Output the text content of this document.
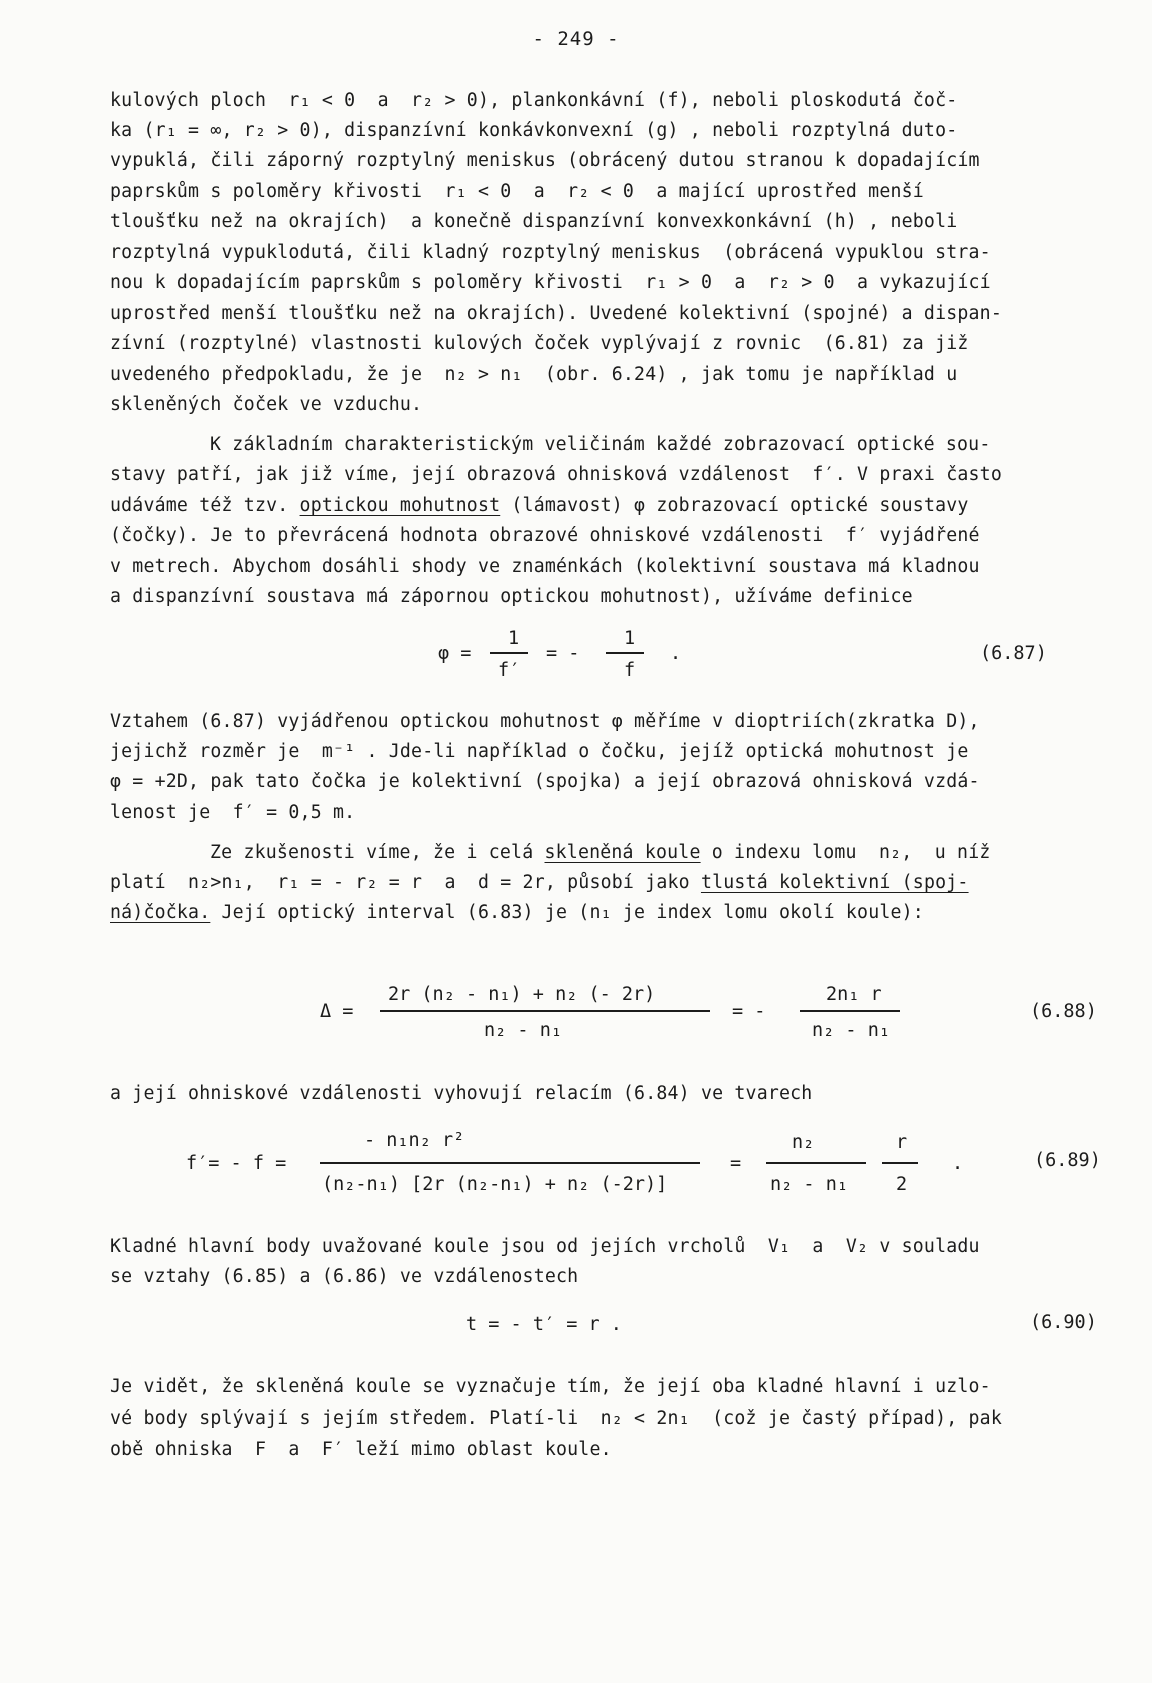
- 249 -
kulových ploch  r₁ < 0  a  r₂ > 0), plankonkávní (f), neboli ploskodutá čoč-
ka (r₁ = ∞, r₂ > 0), dispanzívní konkávkonvexní (g) , neboli rozptylná duto-
vypuklá, čili záporný rozptylný meniskus (obrácený dutou stranou k dopadajícím
paprskům s poloměry křivosti  r₁ < 0  a  r₂ < 0  a mající uprostřed menší
tloušťku než na okrajích)  a konečně dispanzívní konvexkonkávní (h) , neboli
rozptylná vypuklodutá, čili kladný rozptylný meniskus  (obrácená vypuklou stra-
nou k dopadajícím paprskům s poloměry křivosti  r₁ > 0  a  r₂ > 0  a vykazující
uprostřed menší tloušťku než na okrajích). Uvedené kolektivní (spojné) a dispan-
zívní (rozptylné) vlastnosti kulových čoček vyplývají z rovnic  (6.81) za již
uvedeného předpokladu, že je  n₂ > n₁  (obr. 6.24) , jak tomu je například u
skleněných čoček ve vzduchu.
K základním charakteristickým veličinám každé zobrazovací optické sou-
stavy patří, jak již víme, její obrazová ohnisková vzdálenost  f′. V praxi často
udáváme též tzv. optickou mohutnost (lámavost) φ zobrazovací optické soustavy
(čočky). Je to převrácená hodnota obrazové ohniskové vzdálenosti  f′ vyjádřené
v metrech. Abychom dosáhli shody ve znaménkách (kolektivní soustava má kladnou
a dispanzívní soustava má zápornou optickou mohutnost), užíváme definice
φ =
1
f′
= -
1
f
.	(6.87)
Vztahem (6.87) vyjádřenou optickou mohutnost φ měříme v dioptriích(zkratka D),
jejichž rozměr je  m⁻¹ . Jde-li například o čočku, jejíž optická mohutnost je
φ = +2D, pak tato čočka je kolektivní (spojka) a její obrazová ohnisková vzdá-
lenost je  f′ = 0,5 m.
Ze zkušenosti víme, že i celá skleněná koule o indexu lomu  n₂,  u níž
platí  n₂>n₁,  r₁ = - r₂ = r  a  d = 2r, působí jako tlustá kolektivní (spoj-
ná)čočka. Její optický interval (6.83) je (n₁ je index lomu okolí koule):
Δ =
2r (n₂ - n₁) + n₂ (- 2r)
n₂ - n₁
= -
2n₁ r
n₂ - n₁
(6.88)
a její ohniskové vzdálenosti vyhovují relacím (6.84) ve tvarech
f′= - f =
- n₁n₂ r²
(n₂-n₁) [2r (n₂-n₁) + n₂ (-2r)]
=
n₂
n₂ - n₁
r
2
.	(6.89)
Kladné hlavní body uvažované koule jsou od jejích vrcholů  V₁  a  V₂ v souladu
se vztahy (6.85) a (6.86) ve vzdálenostech
t = - t′ = r .	(6.90)
Je vidět, že skleněná koule se vyznačuje tím, že její oba kladné hlavní i uzlo-
vé body splývají s jejím středem. Platí-li  n₂ < 2n₁  (což je častý případ), pak
obě ohniska  F  a  F′ leží mimo oblast koule.
